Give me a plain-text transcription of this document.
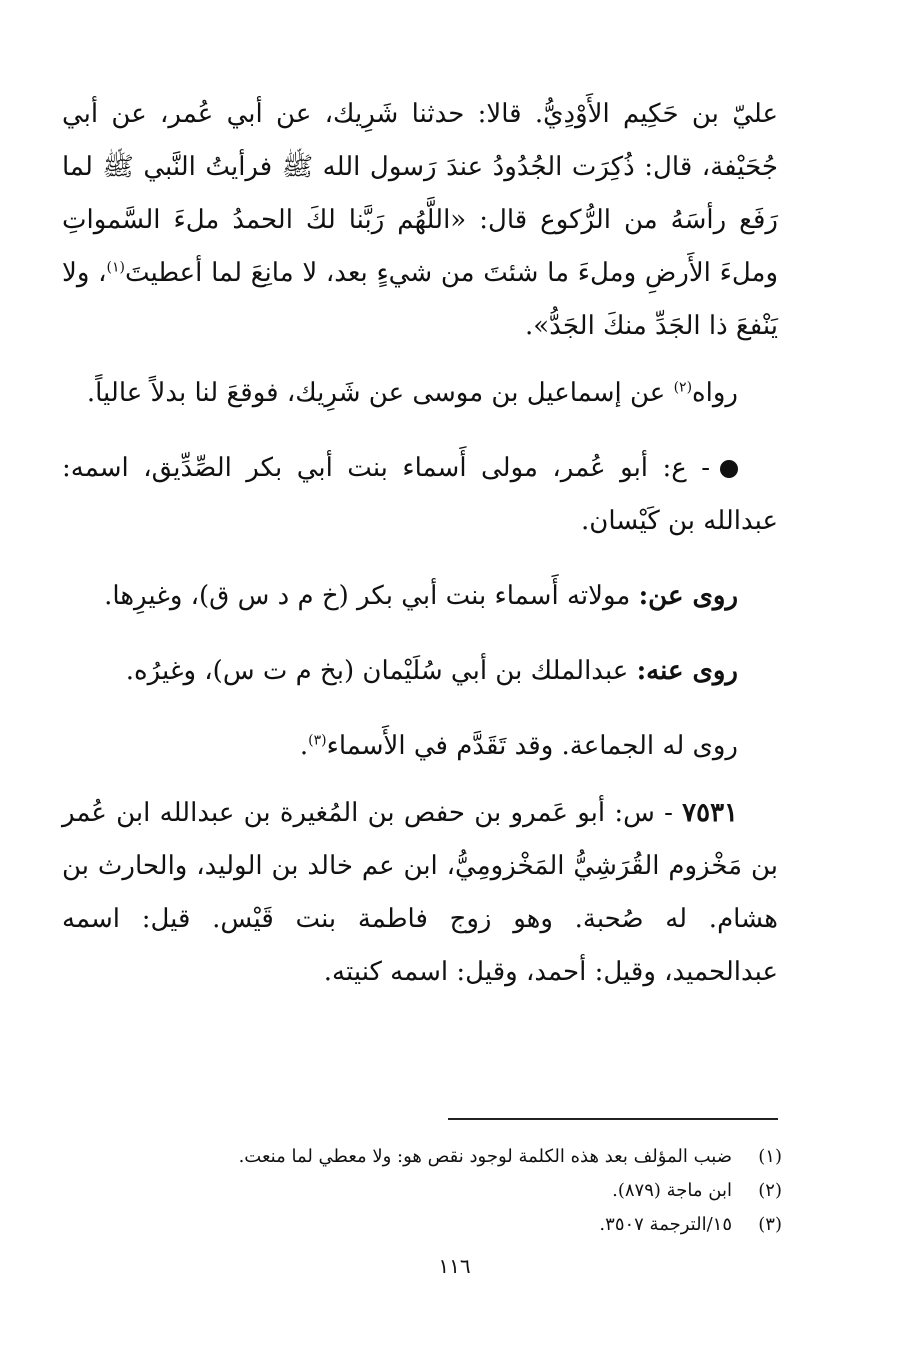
عليّ بن حَكِيم الأَوْدِيُّ. قالا: حدثنا شَرِيك، عن أبي عُمر، عن أبي جُحَيْفة، قال: ذُكِرَت الجُدُودُ عندَ رَسول الله ﷺ فرأيتُ النَّبي ﷺ لما رَفَع رأسَهُ من الرُّكوع قال: «اللَّهُم رَبَّنا لكَ الحمدُ ملءَ السَّمواتِ وملءَ الأَرضِ وملءَ ما شئتَ من شيءٍ بعد، لا مانِعَ لما أعطيتَ$^{(١)}$، ولا يَنْفعَ ذا الجَدِّ منكَ الجَدُّ».

رواه$^{(٢)}$ عن إسماعيل بن موسى عن شَرِيك، فوقعَ لنا بدلاً عالياً.

- ع: أبو عُمر، مولى أَسماء بنت أبي بكر الصِّدِّيق، اسمه: عبدالله بن كَيْسان.

روى عن: مولاته أَسماء بنت أبي بكر (خ م د س ق)، وغيرِها.

روى عنه: عبدالملك بن أبي سُلَيْمان (بخ م ت س)، وغيرُه.

روى له الجماعة. وقد تَقَدَّم في الأَسماء$^{(٣)}$.

٧٥٣١ - س: أبو عَمرو بن حفص بن المُغيرة بن عبدالله ابن عُمر بن مَخْزوم القُرَشِيُّ المَخْزومِيُّ، ابن عم خالد بن الوليد، والحارث بن هشام. له صُحبة. وهو زوج فاطمة بنت قَيْس. قيل: اسمه عبدالحميد، وقيل: أحمد، وقيل: اسمه كنيته.

(١)ضبب المؤلف بعد هذه الكلمة لوجود نقص هو: ولا معطي لما منعت.
(٢)ابن ماجة (٨٧٩).
(٣)١٥/الترجمة ٣٥٠٧.
١١٦
